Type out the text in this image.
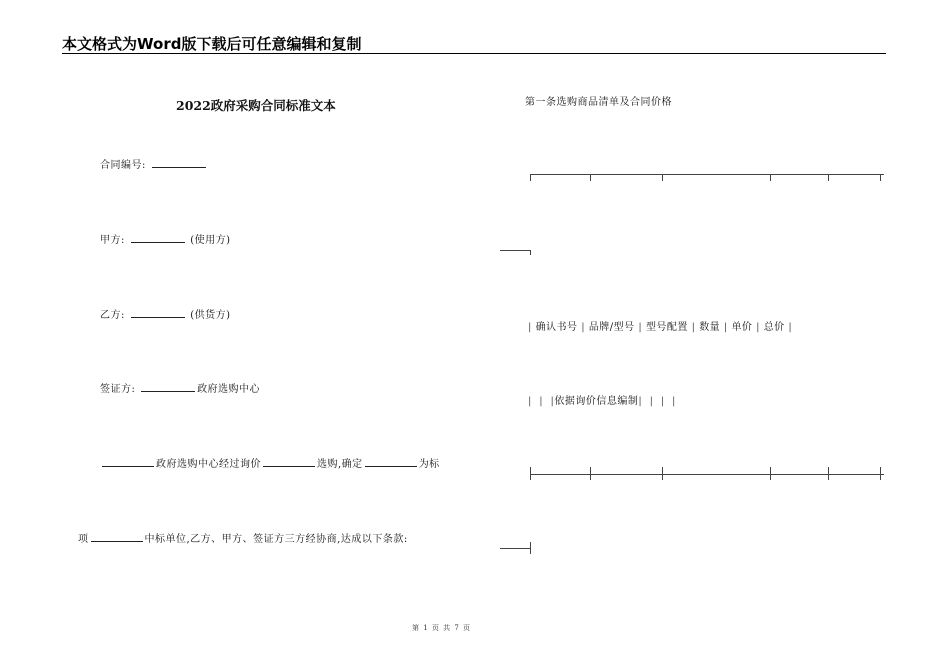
本文格式为Word版下载后可任意编辑和复制
2022政府采购合同标准文本
合同编号:
甲方:	(使用方)
乙方:	(供货方)
签证方:	政府选购中心
政府选购中心经过询价	选购,确定	为标
项	中标单位,乙方、甲方、签证方三方经协商,达成以下条款:
第一条选购商品清单及合同价格
| 确认书号 | 品牌/型号 | 型号配置 | 数量 | 单价 | 总价 |
| | |依据询价信息编制| | | |
第 1 页 共 7 页
